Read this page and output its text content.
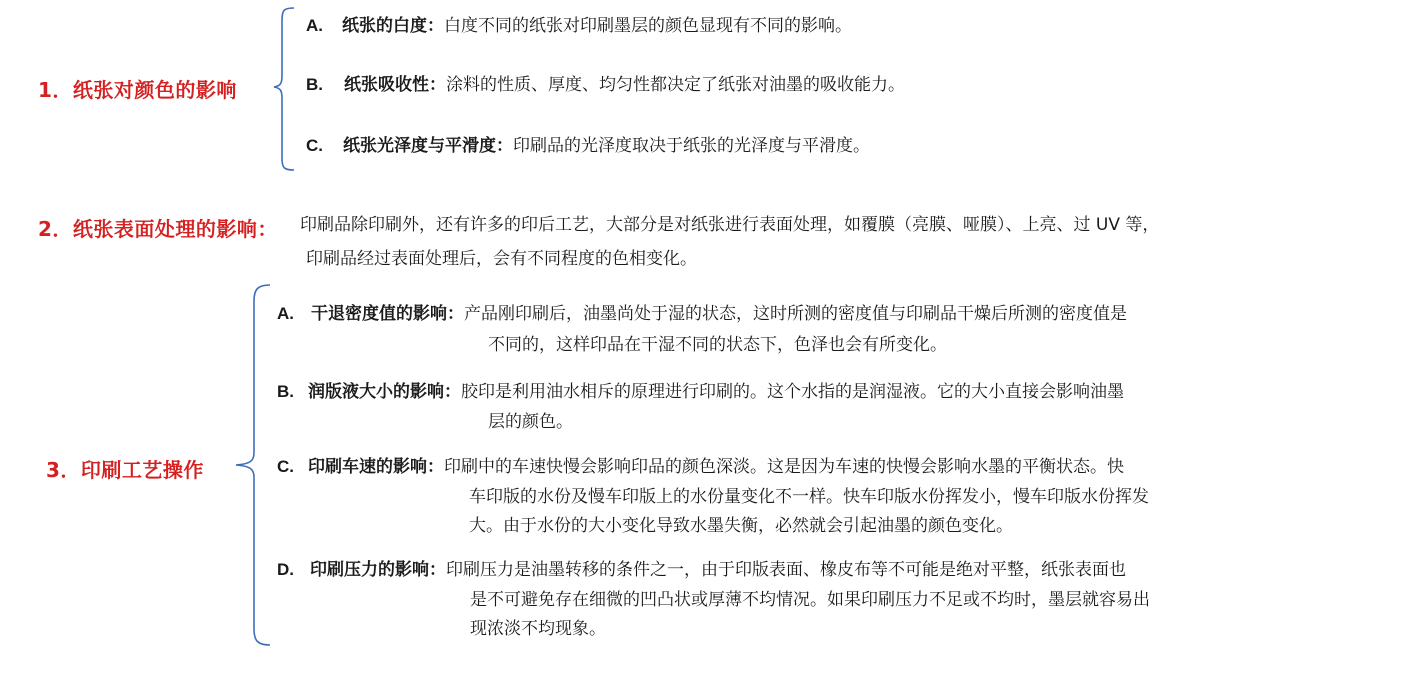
1．纸张对颜色的影响
A. 纸张的白度：白度不同的纸张对印刷墨层的颜色显现有不同的影响。
B. 纸张吸收性：涂料的性质、厚度、均匀性都决定了纸张对油墨的吸收能力。
C. 纸张光泽度与平滑度：印刷品的光泽度取决于纸张的光泽度与平滑度。
2．纸张表面处理的影响： 印刷品除印刷外，还有许多的印后工艺，大部分是对纸张进行表面处理，如覆膜（亮膜、哑膜）、上亮、过 UV 等，
印刷品经过表面处理后，会有不同程度的色相变化。
3．印刷工艺操作
A. 干退密度值的影响：产品刚印刷后，油墨尚处于湿的状态，这时所测的密度值与印刷品干燥后所测的密度值是
不同的，这样印品在干湿不同的状态下，色泽也会有所变化。
B. 润版液大小的影响：胶印是利用油水相斥的原理进行印刷的。这个水指的是润湿液。它的大小直接会影响油墨
层的颜色。
C. 印刷车速的影响：印刷中的车速快慢会影响印品的颜色深淡。这是因为车速的快慢会影响水墨的平衡状态。快
车印版的水份及慢车印版上的水份量变化不一样。快车印版水份挥发小，慢车印版水份挥发
大。由于水份的大小变化导致水墨失衡，必然就会引起油墨的颜色变化。
D. 印刷压力的影响：印刷压力是油墨转移的条件之一，由于印版表面、橡皮布等不可能是绝对平整，纸张表面也
是不可避免存在细微的凹凸状或厚薄不均情况。如果印刷压力不足或不均时，墨层就容易出
现浓淡不均现象。
